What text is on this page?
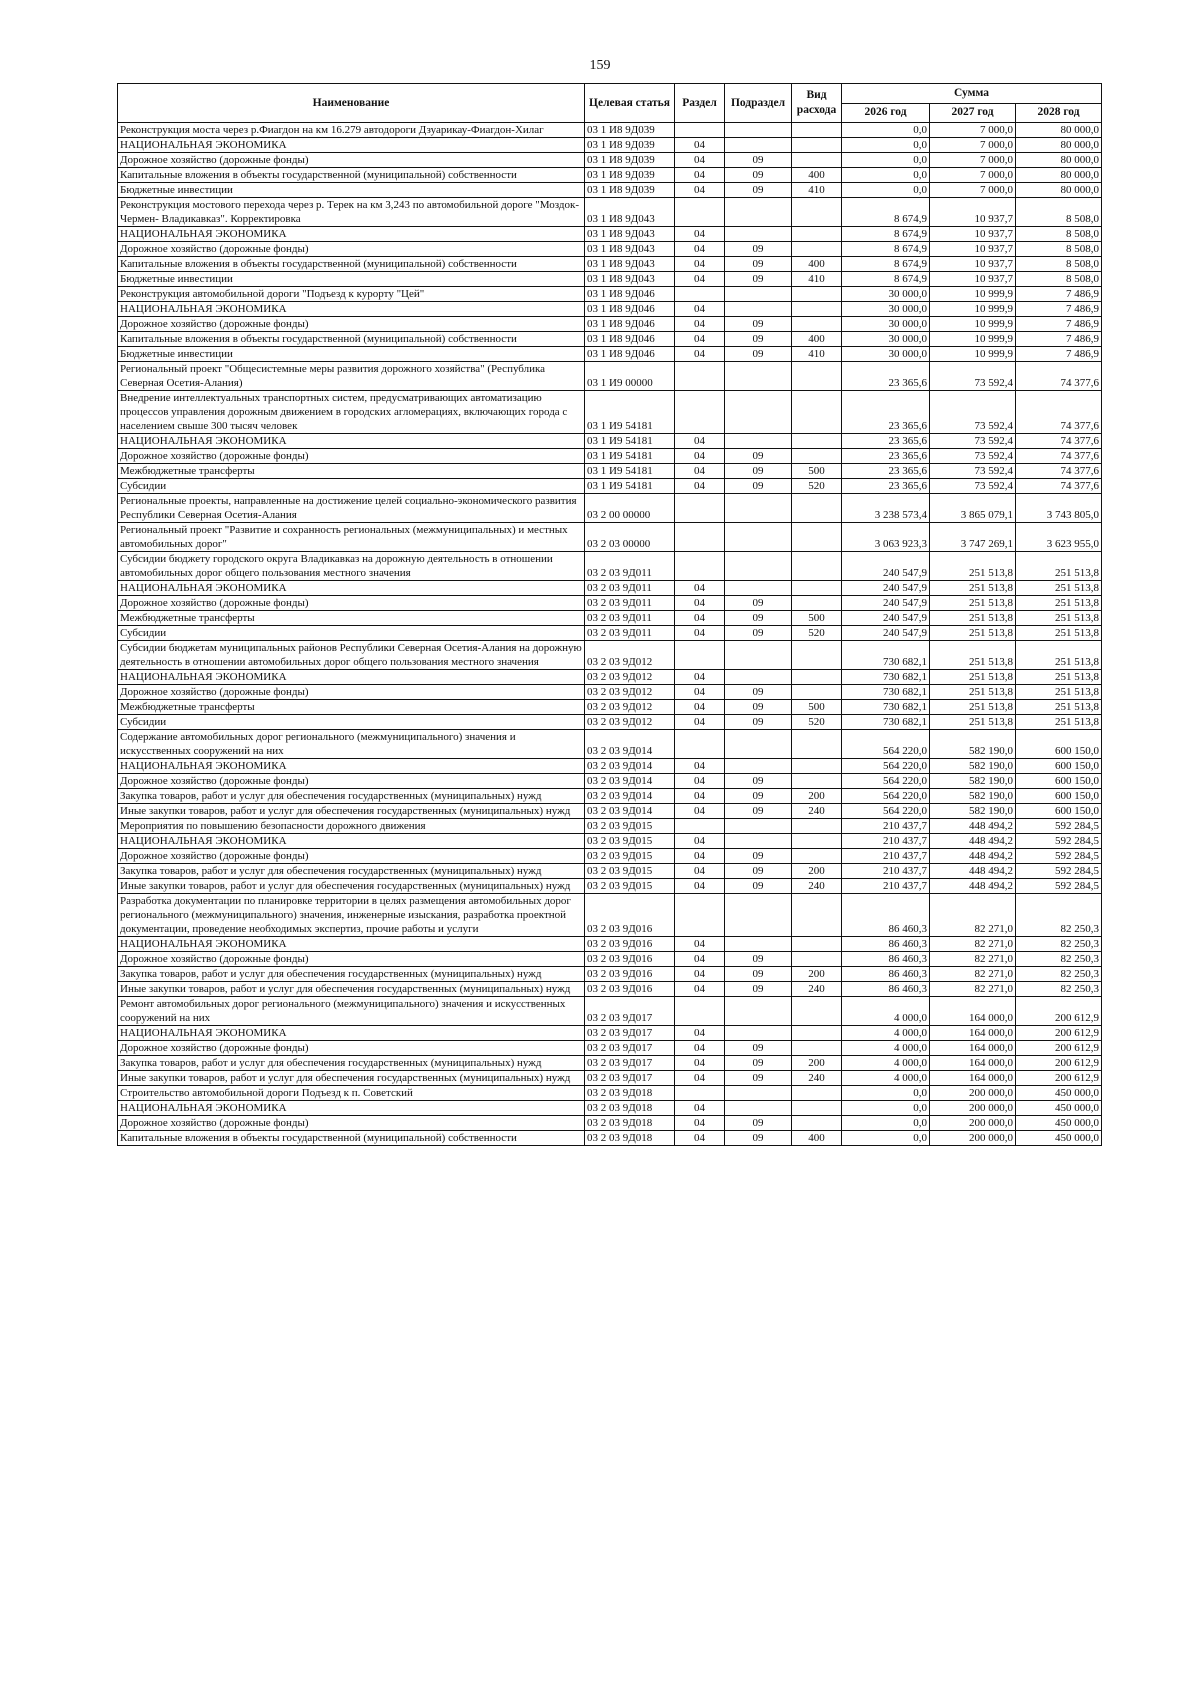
159
Наименование	Целевая статья	Раздел	Подраздел	Вид расхода	Сумма		
					2026 год	2027 год	2028 год
Реконструкция моста через р.Фиагдон на км 16.279 автодороги Дзуарикау-Фиагдон-Хилаг	03 1 И8 9Д039				0,0	7 000,0	80 000,0
НАЦИОНАЛЬНАЯ ЭКОНОМИКА	03 1 И8 9Д039	04			0,0	7 000,0	80 000,0
Дорожное хозяйство (дорожные фонды)	03 1 И8 9Д039	04	09		0,0	7 000,0	80 000,0
Капитальные вложения в объекты государственной (муниципальной) собственности	03 1 И8 9Д039	04	09	400	0,0	7 000,0	80 000,0
Бюджетные инвестиции	03 1 И8 9Д039	04	09	410	0,0	7 000,0	80 000,0
Реконструкция мостового перехода через р. Терек на км 3,243 по автомобильной дороге "Моздок-Чермен- Владикавказ". Корректировка	03 1 И8 9Д043				8 674,9	10 937,7	8 508,0
НАЦИОНАЛЬНАЯ ЭКОНОМИКА	03 1 И8 9Д043	04			8 674,9	10 937,7	8 508,0
Дорожное хозяйство (дорожные фонды)	03 1 И8 9Д043	04	09		8 674,9	10 937,7	8 508,0
Капитальные вложения в объекты государственной (муниципальной) собственности	03 1 И8 9Д043	04	09	400	8 674,9	10 937,7	8 508,0
Бюджетные инвестиции	03 1 И8 9Д043	04	09	410	8 674,9	10 937,7	8 508,0
Реконструкция автомобильной дороги "Подъезд к курорту "Цей"	03 1 И8 9Д046				30 000,0	10 999,9	7 486,9
НАЦИОНАЛЬНАЯ ЭКОНОМИКА	03 1 И8 9Д046	04			30 000,0	10 999,9	7 486,9
Дорожное хозяйство (дорожные фонды)	03 1 И8 9Д046	04	09		30 000,0	10 999,9	7 486,9
Капитальные вложения в объекты государственной (муниципальной) собственности	03 1 И8 9Д046	04	09	400	30 000,0	10 999,9	7 486,9
Бюджетные инвестиции	03 1 И8 9Д046	04	09	410	30 000,0	10 999,9	7 486,9
Региональный проект "Общесистемные меры развития дорожного хозяйства" (Республика Северная Осетия-Алания)	03 1 И9 00000				23 365,6	73 592,4	74 377,6
Внедрение интеллектуальных транспортных систем, предусматривающих автоматизацию процессов управления дорожным движением в городских агломерациях, включающих города с населением свыше 300 тысяч человек	03 1 И9 54181				23 365,6	73 592,4	74 377,6
НАЦИОНАЛЬНАЯ ЭКОНОМИКА	03 1 И9 54181	04			23 365,6	73 592,4	74 377,6
Дорожное хозяйство (дорожные фонды)	03 1 И9 54181	04	09		23 365,6	73 592,4	74 377,6
Межбюджетные трансферты	03 1 И9 54181	04	09	500	23 365,6	73 592,4	74 377,6
Субсидии	03 1 И9 54181	04	09	520	23 365,6	73 592,4	74 377,6
Региональные проекты, направленные на достижение целей социально-экономического развития Республики Северная Осетия-Алания	03 2 00 00000				3 238 573,4	3 865 079,1	3 743 805,0
Региональный проект "Развитие и сохранность региональных (межмуниципальных) и местных автомобильных дорог"	03 2 03 00000				3 063 923,3	3 747 269,1	3 623 955,0
Субсидии бюджету городского округа Владикавказ на дорожную деятельность в отношении автомобильных дорог общего пользования местного значения	03 2 03 9Д011				240 547,9	251 513,8	251 513,8
НАЦИОНАЛЬНАЯ ЭКОНОМИКА	03 2 03 9Д011	04			240 547,9	251 513,8	251 513,8
Дорожное хозяйство (дорожные фонды)	03 2 03 9Д011	04	09		240 547,9	251 513,8	251 513,8
Межбюджетные трансферты	03 2 03 9Д011	04	09	500	240 547,9	251 513,8	251 513,8
Субсидии	03 2 03 9Д011	04	09	520	240 547,9	251 513,8	251 513,8
Субсидии бюджетам муниципальных районов Республики Северная Осетия-Алания на дорожную деятельность в отношении автомобильных дорог общего пользования местного значения	03 2 03 9Д012				730 682,1	251 513,8	251 513,8
НАЦИОНАЛЬНАЯ ЭКОНОМИКА	03 2 03 9Д012	04			730 682,1	251 513,8	251 513,8
Дорожное хозяйство (дорожные фонды)	03 2 03 9Д012	04	09		730 682,1	251 513,8	251 513,8
Межбюджетные трансферты	03 2 03 9Д012	04	09	500	730 682,1	251 513,8	251 513,8
Субсидии	03 2 03 9Д012	04	09	520	730 682,1	251 513,8	251 513,8
Содержание автомобильных дорог регионального (межмуниципального) значения и искусственных сооружений на них	03 2 03 9Д014				564 220,0	582 190,0	600 150,0
НАЦИОНАЛЬНАЯ ЭКОНОМИКА	03 2 03 9Д014	04			564 220,0	582 190,0	600 150,0
Дорожное хозяйство (дорожные фонды)	03 2 03 9Д014	04	09		564 220,0	582 190,0	600 150,0
Закупка товаров, работ и услуг для обеспечения государственных (муниципальных) нужд	03 2 03 9Д014	04	09	200	564 220,0	582 190,0	600 150,0
Иные закупки товаров, работ и услуг для обеспечения государственных (муниципальных) нужд	03 2 03 9Д014	04	09	240	564 220,0	582 190,0	600 150,0
Мероприятия по повышению безопасности дорожного движения	03 2 03 9Д015				210 437,7	448 494,2	592 284,5
НАЦИОНАЛЬНАЯ ЭКОНОМИКА	03 2 03 9Д015	04			210 437,7	448 494,2	592 284,5
Дорожное хозяйство (дорожные фонды)	03 2 03 9Д015	04	09		210 437,7	448 494,2	592 284,5
Закупка товаров, работ и услуг для обеспечения государственных (муниципальных) нужд	03 2 03 9Д015	04	09	200	210 437,7	448 494,2	592 284,5
Иные закупки товаров, работ и услуг для обеспечения государственных (муниципальных) нужд	03 2 03 9Д015	04	09	240	210 437,7	448 494,2	592 284,5
Разработка документации по планировке территории в целях размещения автомобильных дорог регионального (межмуниципального) значения, инженерные изыскания, разработка проектной документации, проведение необходимых экспертиз, прочие работы и услуги	03 2 03 9Д016				86 460,3	82 271,0	82 250,3
НАЦИОНАЛЬНАЯ ЭКОНОМИКА	03 2 03 9Д016	04			86 460,3	82 271,0	82 250,3
Дорожное хозяйство (дорожные фонды)	03 2 03 9Д016	04	09		86 460,3	82 271,0	82 250,3
Закупка товаров, работ и услуг для обеспечения государственных (муниципальных) нужд	03 2 03 9Д016	04	09	200	86 460,3	82 271,0	82 250,3
Иные закупки товаров, работ и услуг для обеспечения государственных (муниципальных) нужд	03 2 03 9Д016	04	09	240	86 460,3	82 271,0	82 250,3
Ремонт автомобильных дорог регионального (межмуниципального) значения и искусственных сооружений на них	03 2 03 9Д017				4 000,0	164 000,0	200 612,9
НАЦИОНАЛЬНАЯ ЭКОНОМИКА	03 2 03 9Д017	04			4 000,0	164 000,0	200 612,9
Дорожное хозяйство (дорожные фонды)	03 2 03 9Д017	04	09		4 000,0	164 000,0	200 612,9
Закупка товаров, работ и услуг для обеспечения государственных (муниципальных) нужд	03 2 03 9Д017	04	09	200	4 000,0	164 000,0	200 612,9
Иные закупки товаров, работ и услуг для обеспечения государственных (муниципальных) нужд	03 2 03 9Д017	04	09	240	4 000,0	164 000,0	200 612,9
Строительство автомобильной дороги Подъезд к п. Советский	03 2 03 9Д018				0,0	200 000,0	450 000,0
НАЦИОНАЛЬНАЯ ЭКОНОМИКА	03 2 03 9Д018	04			0,0	200 000,0	450 000,0
Дорожное хозяйство (дорожные фонды)	03 2 03 9Д018	04	09		0,0	200 000,0	450 000,0
Капитальные вложения в объекты государственной (муниципальной) собственности	03 2 03 9Д018	04	09	400	0,0	200 000,0	450 000,0
